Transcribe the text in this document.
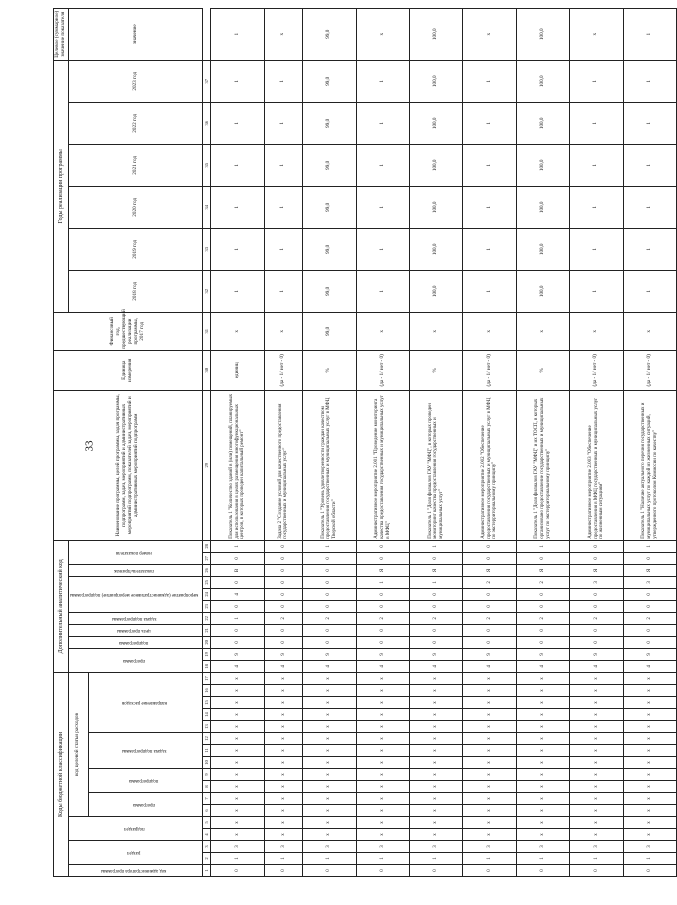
33
Коды бюджетной классификации																	Дополнительный аналитический код											Наименование программы, целей программы, задач программы, подпрограмм, задач, мероприятий и административных мероприятий подпрограмм, показателей задач, мероприятий и административных мероприятий подпрограмм	Единица измерения	Финансовый год, предшествующий реализации программы, 2017 год	Годы реализации программы						Целевое (суммарное) значение показателя
код администратора программы	раздел		подраздел		код целевой статьи расходов												программа		подпрограмма	цель программы	задача подпрограммы	мероприятие (административное мероприятие) подпрограммы			показатель/признак	номер показателя					2018 год	2019 год	2020 год	2021 год	2022 год	2023 год	значение
					программа		подпрограмма		задача подпрограммы			направление расходов																									
1	2	3	4	5	6	7	8	9	10	11	12	13	14	15	16	17	18	19	20	21	22	23	24	25	26	27	28	29	30	31	32	33	34	35	36	37	
0	1	3	x	x	x	x	x	x	x	x	x	x	x	x	x	x	4	9	0	0	1	0	4	0	В	0	1	Показатель 1 "Количество зданий в (или) помещений, планируемых для использования в целях размещения многофункциональных центров, в которых проведен капитальный ремонт"	единиц	x	1	1	1	1	1	1	1
0	1	3	x	x	x	x	x	x	x	x	x	x	x	x	x	x	4	9	0	0	2	0	0	0	0	0	0	Задача 2 "Создание условий для качественного предоставления государственных и муниципальных услуг"	(да - 1/ нет - 0)	x	1	1	1	1	1	1	x
0	1	3	x	x	x	x	x	x	x	x	x	x	x	x	x	x	4	9	0	0	2	0	0	0	0	0	1	Показатель 1 "Уровень удовлетворенности граждан качеством предоставления государственных и муниципальных услуг в МФЦ Тверской области"	%	99,0	99,0	99,0	99,0	99,0	99,0	99,0	99,0
0	1	3	x	x	x	x	x	x	x	x	x	x	x	x	x	x	4	9	0	0	2	0	0	1	Я	0	0	Административное мероприятие 2.001 "Проведение мониторинга качества предоставления государственных и муниципальных услуг в МФЦ"	(да - 1/ нет - 0)	x	1	1	1	1	1	1	x
0	1	3	x	x	x	x	x	x	x	x	x	x	x	x	x	x	4	9	0	0	2	0	0	1	Я	0	1	Показатель 1 "Доля филиалов ГАУ "МФЦ", в которых проведен мониторинг качества предоставления государственных и муниципальных услуг"	%	x	100,0	100,0	100,0	100,0	100,0	100,0	100,0
0	1	3	x	x	x	x	x	x	x	x	x	x	x	x	x	x	4	9	0	0	2	0	0	2	Я	0	0	Административное мероприятие 2.002 "Обеспечение предоставления государственных и муниципальных услуг в МФЦ по экстерриториальному принципу"	(да - 1/ нет - 0)	x	1	1	1	1	1	1	x
0	1	3	x	x	x	x	x	x	x	x	x	x	x	x	x	x	4	9	0	0	2	0	0	2	Я	0	1	Показатель 1 "Доля филиалов ГАУ "МФЦ" и их ТОСП, в которых организовано предоставление государственных и муниципальных услуг по экстерриториальному принципу"	%	x	100,0	100,0	100,0	100,0	100,0	100,0	100,0
0	1	3	x	x	x	x	x	x	x	x	x	x	x	x	x	x	4	9	0	0	2	0	0	3	Я	0	0	Административное мероприятие 2.003 "Обеспечение предоставления в МФЦ государственных и муниципальных услуг по жизненным ситуациям"	(да - 1/ нет - 0)	x	1	1	1	1	1	1	x
0	1	3	x	x	x	x	x	x	x	x	x	x	x	x	x	x	4	9	0	0	2	0	0	3	Я	0	1	Показатель 1 "Наличие актуального перечня государственных и муниципальных услуг по каждой из жизненных ситуаций, утвержденного протоколом Комиссии по качеству"	(да - 1/ нет - 0)	x	1	1	1	1	1	1	1
